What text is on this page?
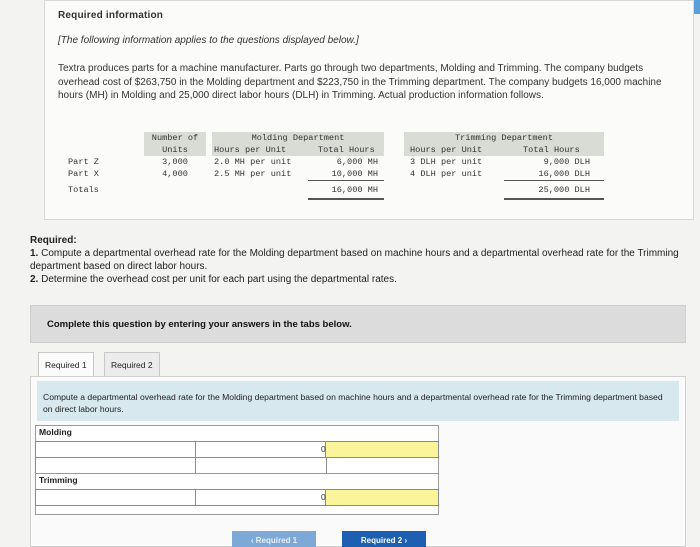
Required information
[The following information applies to the questions displayed below.]
Textra produces parts for a machine manufacturer. Parts go through two departments, Molding and Trimming. The company budgets overhead cost of $263,750 in the Molding department and $223,750 in the Trimming department. The company budgets 16,000 machine hours (MH) in Molding and 25,000 direct labor hours (DLH) in Trimming. Actual production information follows.
Number of
Units
Molding Department
Hours per Unit	Total Hours
Trimming Department
Hours per Unit	Total Hours
Part Z	3,000	2.0 MH per unit	6,000 MH	3 DLH per unit	9,000 DLH
Part X	4,000	2.5 MH per unit	10,000 MH	4 DLH per unit	16,000 DLH
Totals	16,000 MH	25,000 DLH
Required:
1. Compute a departmental overhead rate for the Molding department based on machine hours and a departmental overhead rate for the Trimming department based on direct labor hours.
2. Determine the overhead cost per unit for each part using the departmental rates.
Complete this question by entering your answers in the tabs below.
Required 1	Required 2
Compute a departmental overhead rate for the Molding department based on machine hours and a departmental overhead rate for the Trimming department based on direct labor hours.
Molding
0
Trimming
0
‹ Required 1	Required 2 ›
